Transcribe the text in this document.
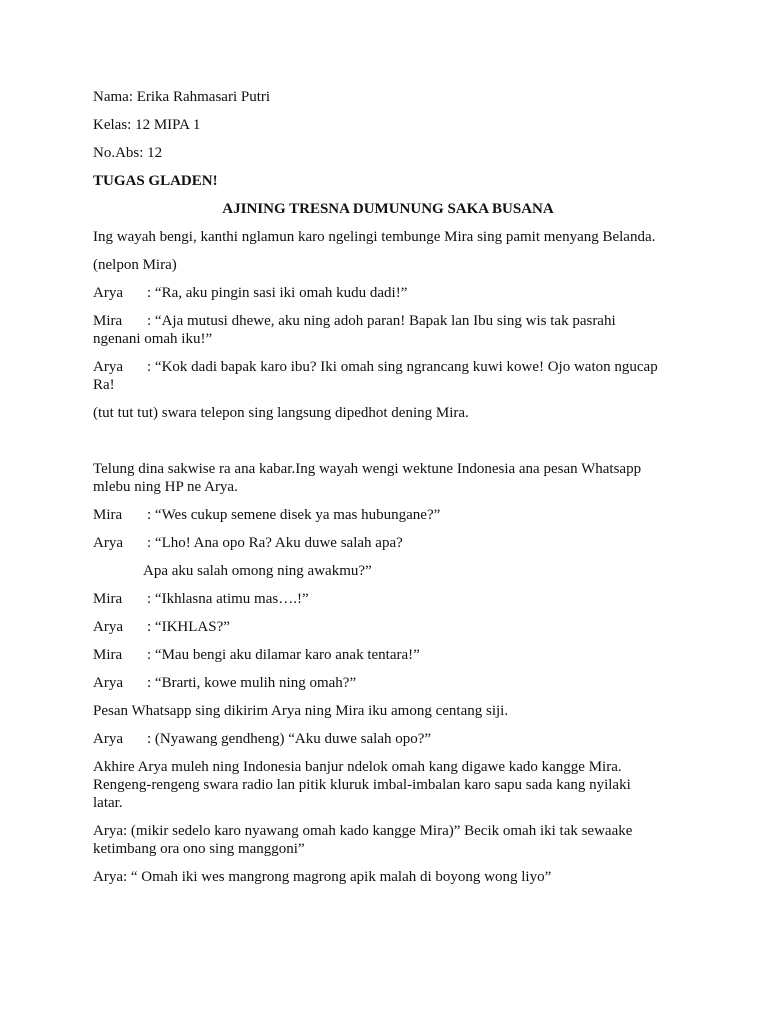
Nama: Erika Rahmasari Putri

Kelas: 12 MIPA 1

No.Abs: 12

TUGAS GLADEN!

AJINING TRESNA DUMUNUNG SAKA BUSANA

Ing wayah bengi, kanthi nglamun karo ngelingi tembunge Mira sing pamit menyang Belanda.

(nelpon Mira)

Arya : “Ra, aku pingin sasi iki omah kudu dadi!”

Mira : “Aja mutusi dhewe, aku ning adoh paran! Bapak lan Ibu sing wis tak pasrahi

ngenani omah iku!”

Arya : “Kok dadi bapak karo ibu? Iki omah sing ngrancang kuwi kowe! Ojo waton ngucap

Ra!

(tut tut tut) swara telepon sing langsung dipedhot dening Mira.

Telung dina sakwise ra ana kabar.Ing wayah wengi wektune Indonesia ana pesan Whatsapp

mlebu ning HP ne Arya.

Mira : “Wes cukup semene disek ya mas hubungane?”

Arya : “Lho! Ana opo Ra? Aku duwe salah apa?

Apa aku salah omong ning awakmu?”

Mira : “Ikhlasna atimu mas….!”

Arya : “IKHLAS?”

Mira : “Mau bengi aku dilamar karo anak tentara!”

Arya : “Brarti, kowe mulih ning omah?”

Pesan Whatsapp sing dikirim Arya ning Mira iku among centang siji.

Arya : (Nyawang gendheng) “Aku duwe salah opo?”

Akhire Arya muleh ning Indonesia banjur ndelok omah kang digawe kado kangge Mira.

Rengeng-rengeng swara radio lan pitik kluruk imbal-imbalan karo sapu sada kang nyilaki

latar.

Arya: (mikir sedelo karo nyawang omah kado kangge Mira)” Becik omah iki tak sewaake

ketimbang ora ono sing manggoni”

Arya: “ Omah iki wes mangrong magrong apik malah di boyong wong liyo”
